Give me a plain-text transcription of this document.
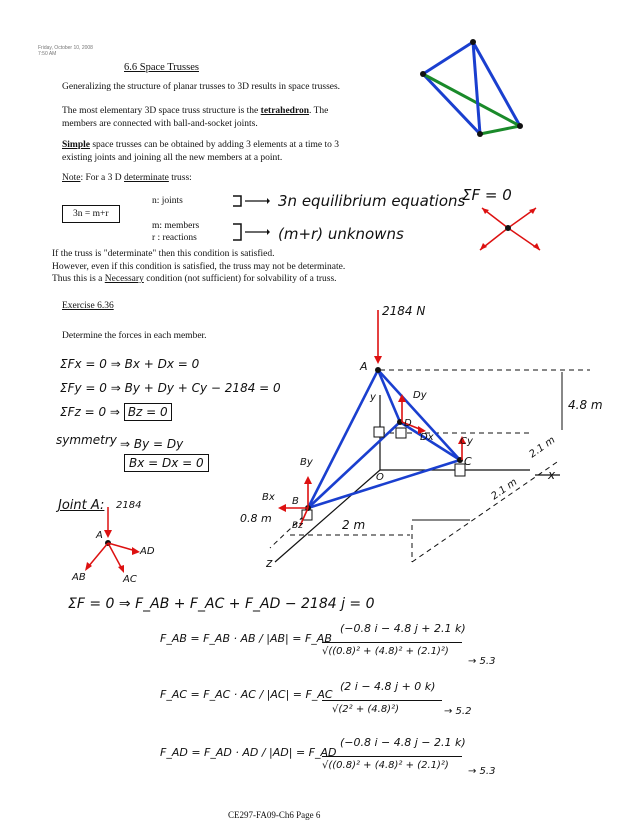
Friday, October 10, 2008
7:50 AM
6.6 Space Trusses
Generalizing the structure of planar trusses to 3D results in space trusses.
The most elementary 3D space truss structure is the tetrahedron. The
members are connected with ball-and-socket joints.
Simple space trusses can be obtained by adding 3 elements at a time to 3
existing joints and joining all the new members at a point.
Note: For a 3 D determinate truss:
3n = m+r
n: joints
m: members
r : reactions
3n equilibrium equations
ΣF = 0
(m+r) unknowns
If the truss is "determinate" then this condition is satisfied.
However, even if this condition is satisfied, the truss may not be determinate.
Thus this is a Necessary condition (not sufficient) for solvability of a truss.
Exercise 6.36
Determine the forces in each member.
ΣFx = 0 ⇒ Bx + Dx = 0
ΣFy = 0 ⇒ By + Dy + Cy − 2184 = 0
ΣFz = 0 ⇒ Bz = 0
symmetry ⇒ By = Dy
Bx = Dx = 0
Joint A: 2184
A
AB	AC
AD
2184 N
A
y	Dy
D
Dx	Cy
C
By
O
Bx B
Bz
x
z
4.8 m
2.1 m
2.1 m
0.8 m	2 m
ΣF = 0 ⇒ F_AB + F_AC + F_AD − 2184 j = 0
F_AB = F_AB · AB / |AB| = F_AB
(−0.8 i − 4.8 j + 2.1 k)
√((0.8)² + (4.8)² + (2.1)²)
→ 5.3
F_AC = F_AC · AC / |AC| = F_AC
(2 i − 4.8 j + 0 k)
√(2² + (4.8)²)	→ 5.2
F_AD = F_AD · AD / |AD| = F_AD
(−0.8 i − 4.8 j − 2.1 k)
√((0.8)² + (4.8)² + (2.1)²)
→ 5.3
CE297-FA09-Ch6 Page 6
